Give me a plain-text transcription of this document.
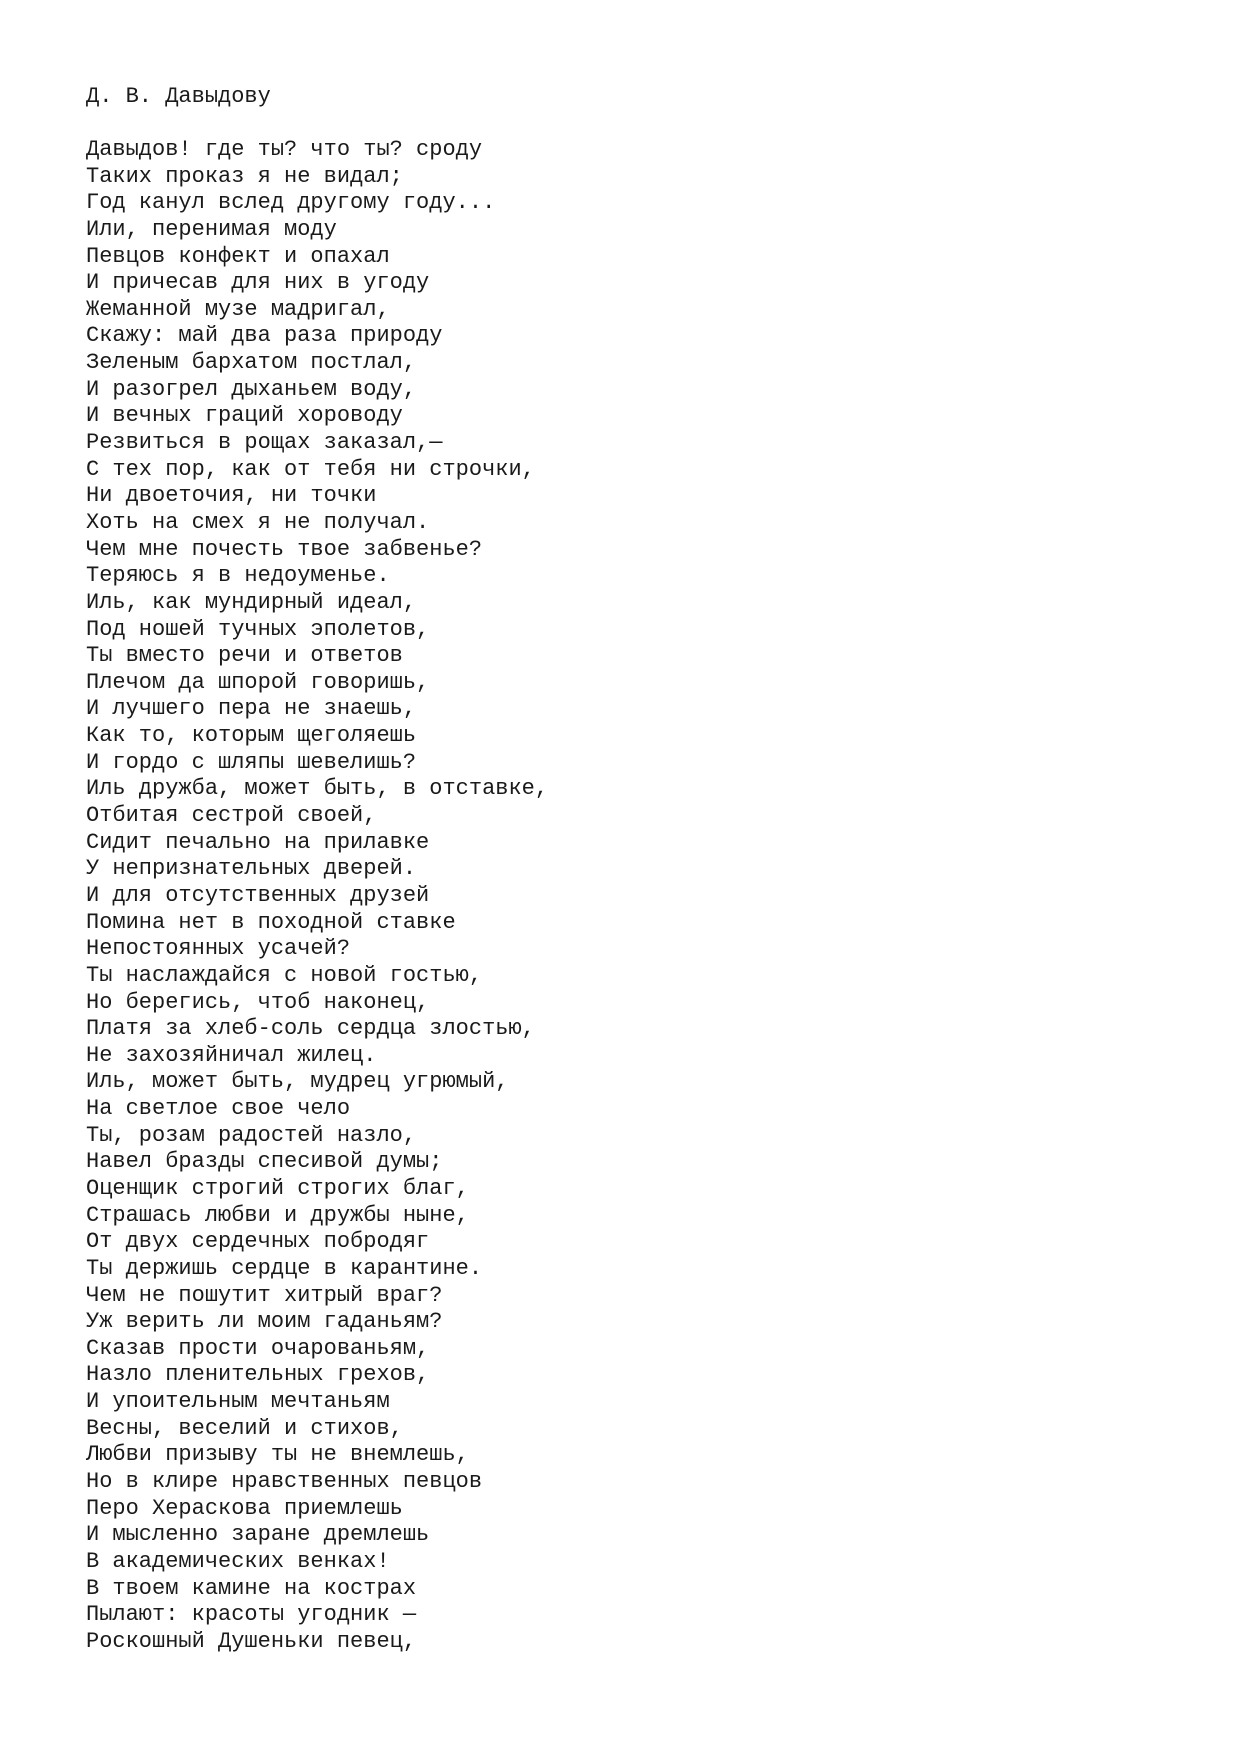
Д. В. Давыдову
Давыдов! где ты? что ты? сроду
Таких проказ я не видал;
Год канул вслед другому году...
Или, перенимая моду
Певцов конфект и опахал
И причесав для них в угоду
Жеманной музе мадригал,
Скажу: май два раза природу
Зеленым бархатом постлал,
И разогрел дыханьем воду,
И вечных граций хороводу
Резвиться в рощах заказал,—
С тех пор, как от тебя ни строчки,
Ни двоеточия, ни точки
Хоть на смех я не получал.
Чем мне почесть твое забвенье?
Теряюсь я в недоуменье.
Иль, как мундирный идеал,
Под ношей тучных эполетов,
Ты вместо речи и ответов
Плечом да шпорой говоришь,
И лучшего пера не знаешь,
Как то, которым щеголяешь
И гордо с шляпы шевелишь?
Иль дружба, может быть, в отставке,
Отбитая сестрой своей,
Сидит печально на прилавке
У непризнательных дверей.
И для отсутственных друзей
Помина нет в походной ставке
Непостоянных усачей?
Ты наслаждайся с новой гостью,
Но берегись, чтоб наконец,
Платя за хлеб-соль сердца злостью,
Не захозяйничал жилец.
Иль, может быть, мудрец угрюмый,
На светлое свое чело
Ты, розам радостей назло,
Навел бразды спесивой думы;
Оценщик строгий строгих благ,
Страшась любви и дружбы ныне,
От двух сердечных побродяг
Ты держишь сердце в карантине.
Чем не пошутит хитрый враг?
Уж верить ли моим гаданьям?
Сказав прости очарованьям,
Назло пленительных грехов,
И упоительным мечтаньям
Весны, веселий и стихов,
Любви призыву ты не внемлешь,
Но в клире нравственных певцов
Перо Хераскова приемлешь
И мысленно заране дремлешь
В академических венках!
В твоем камине на кострах
Пылают: красоты угодник —
Роскошный Душеньки певец,
